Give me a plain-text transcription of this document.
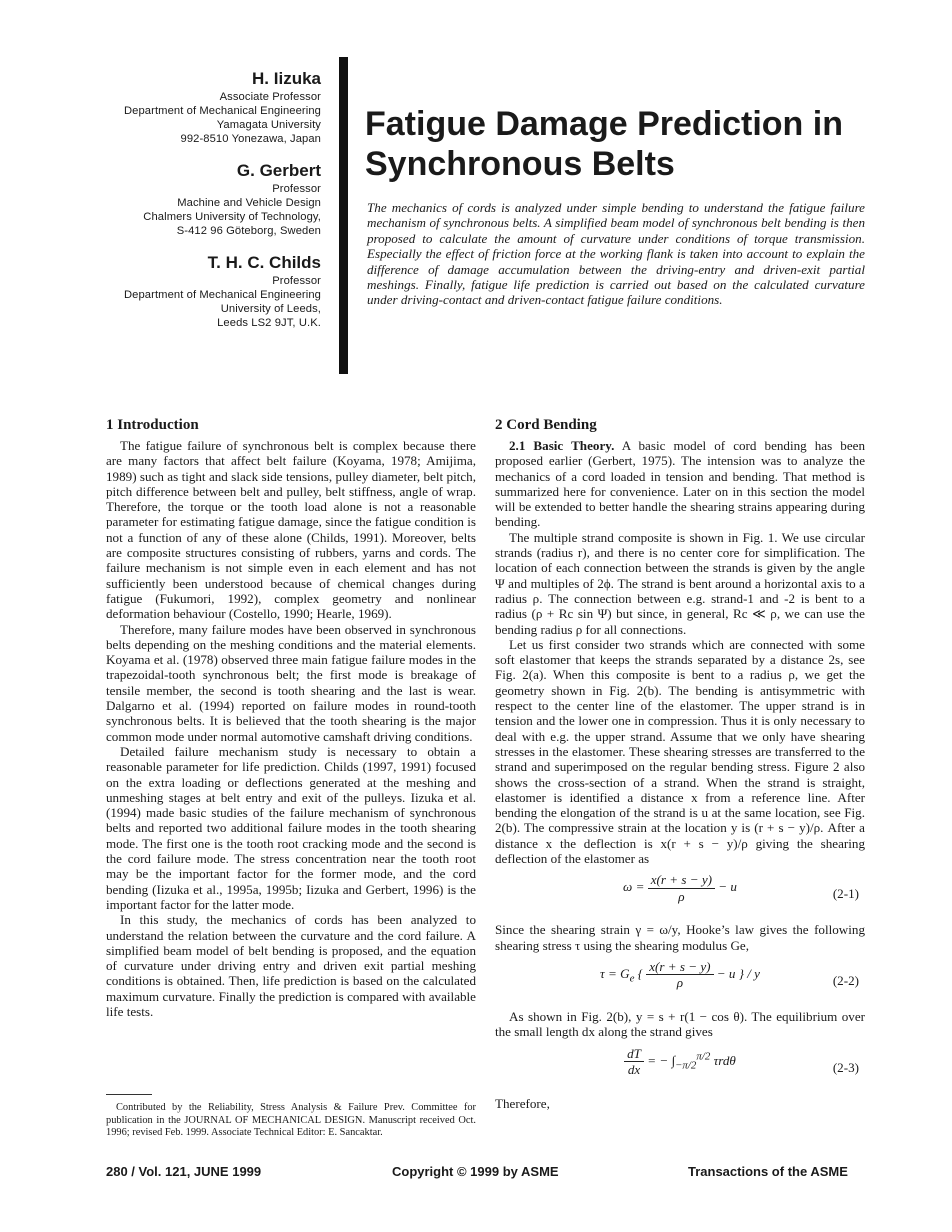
H. Iizuka
Associate Professor
Department of Mechanical Engineering
Yamagata University
992-8510 Yonezawa, Japan
G. Gerbert
Professor
Machine and Vehicle Design
Chalmers University of Technology,
S-412 96 Göteborg, Sweden
T. H. C. Childs
Professor
Department of Mechanical Engineering
University of Leeds,
Leeds LS2 9JT, U.K.
Fatigue Damage Prediction in Synchronous Belts
The mechanics of cords is analyzed under simple bending to understand the fatigue failure mechanism of synchronous belts. A simplified beam model of synchronous belt bending is then proposed to calculate the amount of curvature under conditions of torque transmission. Especially the effect of friction force at the working flank is taken into account to explain the difference of damage accumulation between the driving-entry and driven-exit partial meshings. Finally, fatigue life prediction is carried out based on the calculated curvature under driving-contact and driven-contact fatigue failure conditions.
1 Introduction

The fatigue failure of synchronous belt is complex because there are many factors that affect belt failure (Koyama, 1978; Amijima, 1989) such as tight and slack side tensions, pulley diameter, belt pitch, pitch difference between belt and pulley, belt stiffness, angle of wrap. Therefore, the torque or the tooth load alone is not a reasonable parameter for estimating fatigue damage, since the fatigue condition is not a function of any of these alone (Childs, 1991). Moreover, belts are composite structures consisting of rubbers, yarns and cords. The failure mechanism is not simple even in each element and has not sufficiently been understood because of chemical changes during fatigue (Fukumori, 1992), complex geometry and nonlinear deformation behaviour (Costello, 1990; Hearle, 1969).

Therefore, many failure modes have been observed in synchronous belts depending on the meshing conditions and the material elements. Koyama et al. (1978) observed three main fatigue failure modes in the trapezoidal-tooth synchronous belt; the first mode is breakage of tensile member, the second is tooth shearing and the last is wear. Dalgarno et al. (1994) reported on failure modes in round-tooth synchronous belts. It is believed that the tooth shearing is the major common mode under normal automotive camshaft driving conditions.

Detailed failure mechanism study is necessary to obtain a reasonable parameter for life prediction. Childs (1997, 1991) focused on the extra loading or deflections generated at the meshing and unmeshing stages at belt entry and exit of the pulleys. Iizuka et al. (1994) made basic studies of the failure mechanism of synchronous belts and reported two additional failure modes in the tooth shearing mode. The first one is the tooth root cracking mode and the second is the cord failure mode. The stress concentration near the tooth root may be the important factor for the former mode, and the cord bending (Iizuka et al., 1995a, 1995b; Iizuka and Gerbert, 1996) is the important factor for the latter mode.

In this study, the mechanics of cords has been analyzed to understand the relation between the curvature and the cord failure. A simplified beam model of belt bending is proposed, and the equation of curvature under driving entry and driven exit partial meshing conditions is obtained. Then, life prediction is based on the calculated maximum curvature. Finally the prediction is compared with available life tests.

2 Cord Bending

2.1 Basic Theory. A basic model of cord bending has been proposed earlier (Gerbert, 1975). The intension was to analyze the mechanics of a cord loaded in tension and bending. That method is summarized here for convenience. Later on in this section the model will be extended to better handle the shearing strains appearing during bending.

The multiple strand composite is shown in Fig. 1. We use circular strands (radius r), and there is no center core for simplification. The location of each connection between the strands is given by the angle Ψ and multiples of 2ϕ. The strand is bent around a horizontal axis to a radius ρ. The connection between e.g. strand-1 and -2 is bent to a radius (ρ + Rc sin Ψ) but since, in general, Rc ≪ ρ, we can use the bending radius ρ for all connections.

Let us first consider two strands which are connected with some soft elastomer that keeps the strands separated by a distance 2s, see Fig. 2(a). When this composite is bent to a radius ρ, we get the geometry shown in Fig. 2(b). The bending is antisymmetric with respect to the center line of the elastomer. The upper strand is in tension and the lower one in compression. Thus it is only necessary to deal with e.g. the upper strand. Assume that we only have shearing stresses in the elastomer. These shearing stresses are transferred to the strand and superimposed on the regular bending stress. Figure 2 also shows the cross-section of a strand. When the strand is straight, elastomer is identified a distance x from a reference line. After bending the elongation of the strand is u at the same location, see Fig. 2(b). The compressive strain at the location y is (r + s − y)/ρ. After a distance x the deflection is x(r + s − y)/ρ giving the shearing deflection of the elastomer as

$\omega = \frac{x(r + s - y)}{\rho} - u$	(2-1)

Since the shearing strain γ = ω/y, Hooke’s law gives the following shearing stress τ using the shearing modulus Ge,

$\tau = G_e$ { $\frac{x(r + s - y)}{\rho} - u$ } / y	(2-2)

As shown in Fig. 2(b), y = s + r(1 − cos θ). The equilibrium over the small length dx along the strand gives

$\frac{dT}{dx}$ = − $\int_{-\pi/2}^{\pi/2}$ τrdθ	(2-3)

Therefore,

Contributed by the Reliability, Stress Analysis & Failure Prev. Committee for publication in the JOURNAL OF MECHANICAL DESIGN. Manuscript received Oct. 1996; revised Feb. 1999. Associate Technical Editor: E. Sancaktar.
280 / Vol. 121, JUNE 1999	Copyright © 1999 by ASME	Transactions of the ASME
